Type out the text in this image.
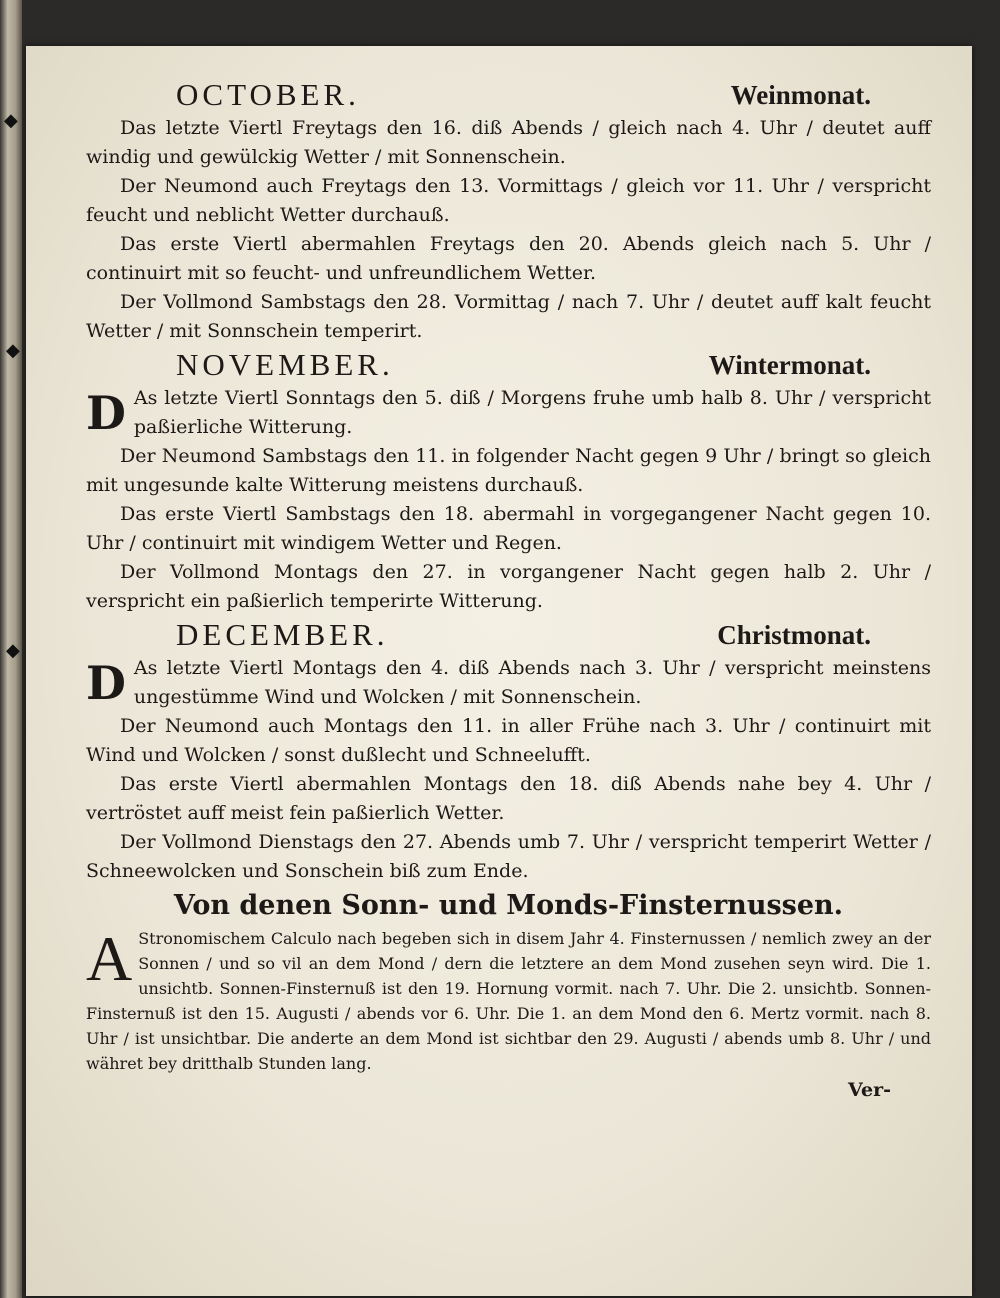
OCTOBER.	Weinmonat.

Das letzte Viertl Freytags den 16. diß Abends / gleich nach 4. Uhr / deutet auff windig und gewülckig Wetter / mit Sonnenschein.

Der Neumond auch Freytags den 13. Vormittags / gleich vor 11. Uhr / verspricht feucht und neblicht Wetter durchauß.

Das erste Viertl abermahlen Freytags den 20. Abends gleich nach 5. Uhr / continuirt mit so feucht- und unfreundlichem Wetter.

Der Vollmond Sambstags den 28. Vormittag / nach 7. Uhr / deutet auff kalt feucht Wetter / mit Sonnschein temperirt.

NOVEMBER.	Wintermonat.

D As letzte Viertl Sonntags den 5. diß / Morgens fruhe umb halb 8. Uhr / verspricht paßierliche Witterung.

Der Neumond Sambstags den 11. in folgender Nacht gegen 9 Uhr / bringt so gleich mit ungesunde kalte Witterung meistens durchauß.

Das erste Viertl Sambstags den 18. abermahl in vorgegangener Nacht gegen 10. Uhr / continuirt mit windigem Wetter und Regen.

Der Vollmond Montags den 27. in vorgangener Nacht gegen halb 2. Uhr / verspricht ein paßierlich temperirte Witterung.

DECEMBER.	Christmonat.

D As letzte Viertl Montags den 4. diß Abends nach 3. Uhr / verspricht meinstens ungestümme Wind und Wolcken / mit Sonnenschein.

Der Neumond auch Montags den 11. in aller Frühe nach 3. Uhr / continuirt mit Wind und Wolcken / sonst dußlecht und Schneelufft.

Das erste Viertl abermahlen Montags den 18. diß Abends nahe bey 4. Uhr / vertröstet auff meist fein paßierlich Wetter.

Der Vollmond Dienstags den 27. Abends umb 7. Uhr / verspricht temperirt Wetter / Schneewolcken und Sonschein biß zum Ende.

Von denen Sonn- und Monds-Finsternussen.

A Stronomischem Calculo nach begeben sich in disem Jahr 4. Finsternussen / nemlich zwey an der Sonnen / und so vil an dem Mond / dern die letztere an dem Mond zusehen seyn wird. Die 1. unsichtb. Sonnen-Finsternuß ist den 19. Hornung vormit. nach 7. Uhr. Die 2. unsichtb. Sonnen-Finsternuß ist den 15. Augusti / abends vor 6. Uhr. Die 1. an dem Mond den 6. Mertz vormit. nach 8. Uhr / ist unsichtbar. Die anderte an dem Mond ist sichtbar den 29. Augusti / abends umb 8. Uhr / und währet bey dritthalb Stunden lang.

Ver-
◆
◆
◆
